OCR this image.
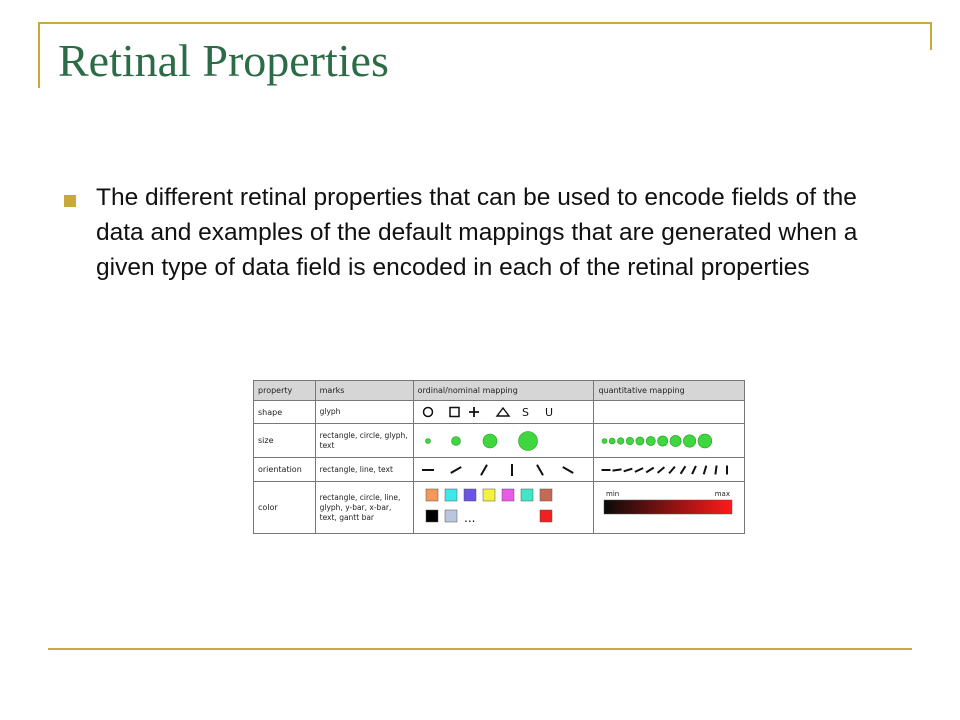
Retinal Properties

The different retinal properties that can be used to encode fields of the data and examples of the default mappings that are generated when a given type of data field is encoded in each of the retinal properties

property	marks	ordinal/nominal mapping	quantitative mapping
shape	glyph	S U	

size	rectangle, circle, glyph, text	

orientation	rectangle, line, text	

color	rectangle, circle, line, glyph, y-bar, x-bar, text, gantt bar	...	min max
